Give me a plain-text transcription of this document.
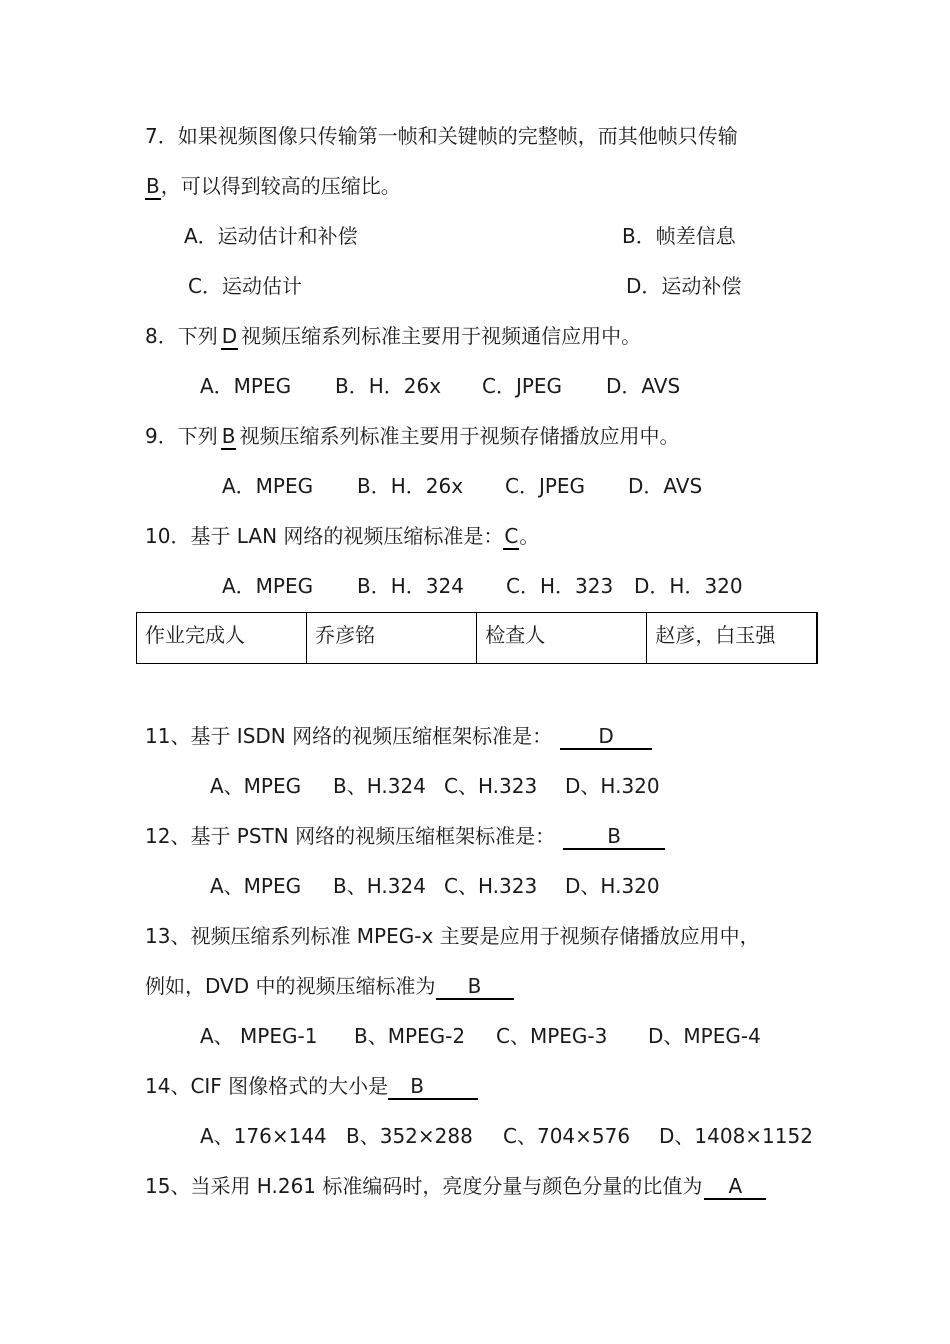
7．如果视频图像只传输第一帧和关键帧的完整帧，而其他帧只传输
B，可以得到较高的压缩比。
A．运动估计和补偿	B．帧差信息
C．运动估计	D．运动补偿
8．下列 D 视频压缩系列标准主要用于视频通信应用中。
A．MPEG B．H．26x C．JPEG D．AVS
9．下列 B 视频压缩系列标准主要用于视频存储播放应用中。
A．MPEG B．H．26x C．JPEG D．AVS
10．基于 LAN 网络的视频压缩标准是：C。
A．MPEG B．H．324 C．H．323 D．H．320
作业完成人	乔彦铭	检查人	赵彦，白玉强
11、基于 ISDN 网络的视频压缩框架标准是： D
A、MPEG B、H.324 C、H.323 D、H.320
12、基于 PSTN 网络的视频压缩框架标准是：	B
A、MPEG B、H.324 C、H.323 D、H.320
13、视频压缩系列标准 MPEG-x 主要是应用于视频存储播放应用中，
例如，DVD 中的视频压缩标准为 B
A、 MPEG-1 B、MPEG-2 C、MPEG-3 D、MPEG-4
14、CIF 图像格式的大小是 B
A、176×144 B、352×288 C、704×576 D、1408×1152
15、当采用 H.261 标准编码时，亮度分量与颜色分量的比值为 A
